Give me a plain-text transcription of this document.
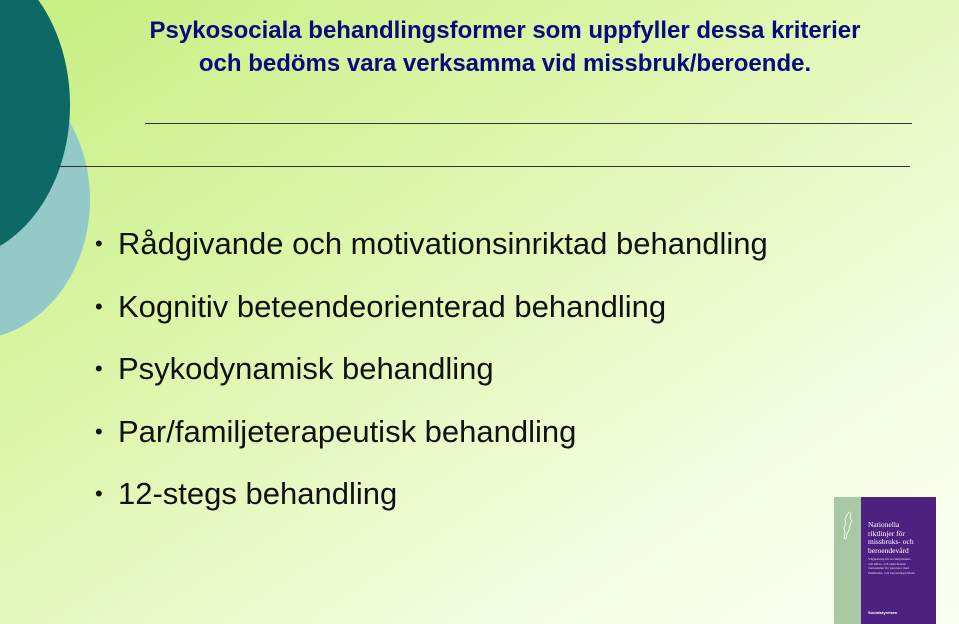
Psykosociala behandlingsformer som uppfyller dessa kriterier
och bedöms vara verksamma vid missbruk/beroende.
• Rådgivande och motivationsinriktad behandling
• Kognitiv beteendeorienterad behandling
• Psykodynamisk behandling
• Par/familjeterapeutisk behandling
• 12-stegs behandling
Nationella
riktlinjer för
missbruks- och
beroendevård
Vägledning för socialtjänstens
och hälso- och sjukvårdens
verksamhet för personer med
missbruks- och beroendeproblem
Socialstyrelsen
